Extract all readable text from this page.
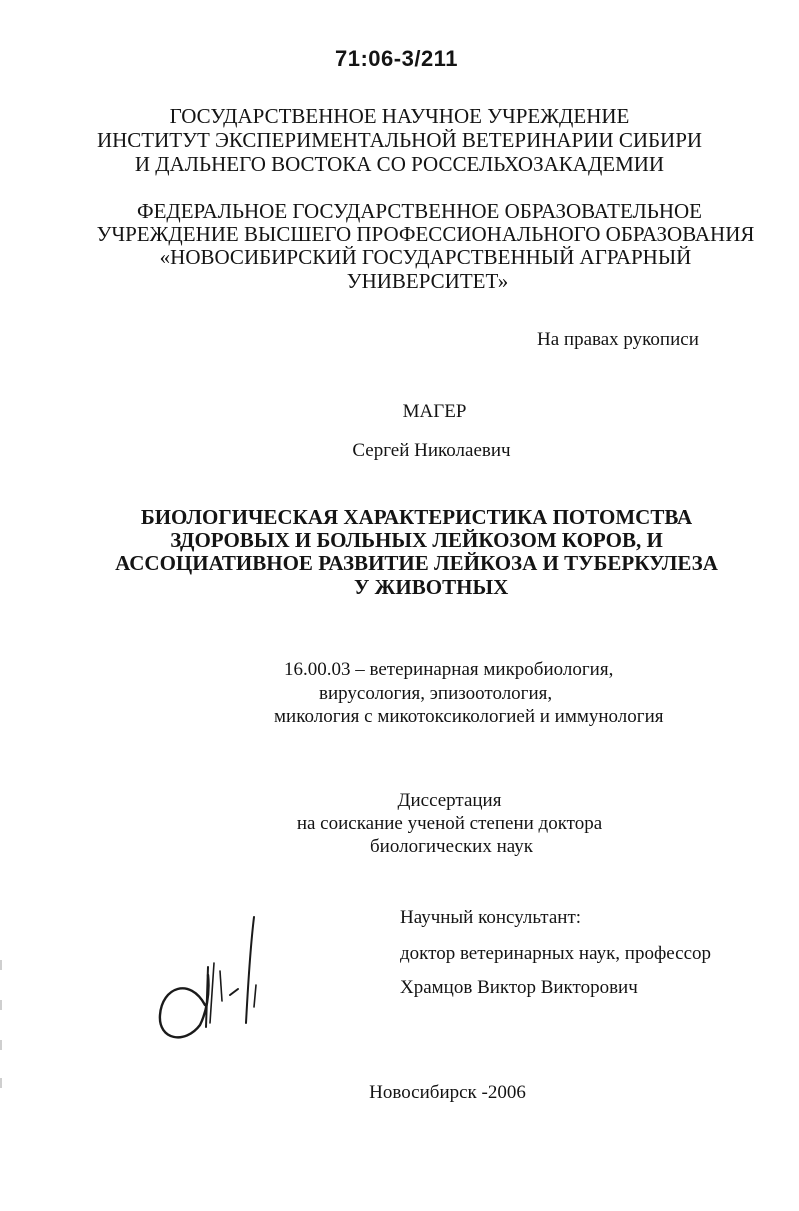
71:06-3/211
ГОСУДАРСТВЕННОЕ НАУЧНОЕ УЧРЕЖДЕНИЕ
ИНСТИТУТ ЭКСПЕРИМЕНТАЛЬНОЙ ВЕТЕРИНАРИИ СИБИРИ
И ДАЛЬНЕГО ВОСТОКА СО РОССЕЛЬХОЗАКАДЕМИИ
ФЕДЕРАЛЬНОЕ ГОСУДАРСТВЕННОЕ ОБРАЗОВАТЕЛЬНОЕ
УЧРЕЖДЕНИЕ ВЫСШЕГО ПРОФЕССИОНАЛЬНОГО ОБРАЗОВАНИЯ
«НОВОСИБИРСКИЙ ГОСУДАРСТВЕННЫЙ АГРАРНЫЙ
УНИВЕРСИТЕТ»
На правах рукописи
МАГЕР
Сергей Николаевич
БИОЛОГИЧЕСКАЯ ХАРАКТЕРИСТИКА ПОТОМСТВА
ЗДОРОВЫХ И БОЛЬНЫХ ЛЕЙКОЗОМ КОРОВ, И
АССОЦИАТИВНОЕ РАЗВИТИЕ ЛЕЙКОЗА И ТУБЕРКУЛЕЗА
У ЖИВОТНЫХ
16.00.03 – ветеринарная микробиология,
вирусология, эпизоотология,
микология с микотоксикологией и иммунология
Диссертация
на соискание ученой степени доктора
биологических наук
Научный консультант:
доктор ветеринарных наук, профессор
Храмцов Виктор Викторович
Новосибирск -2006
